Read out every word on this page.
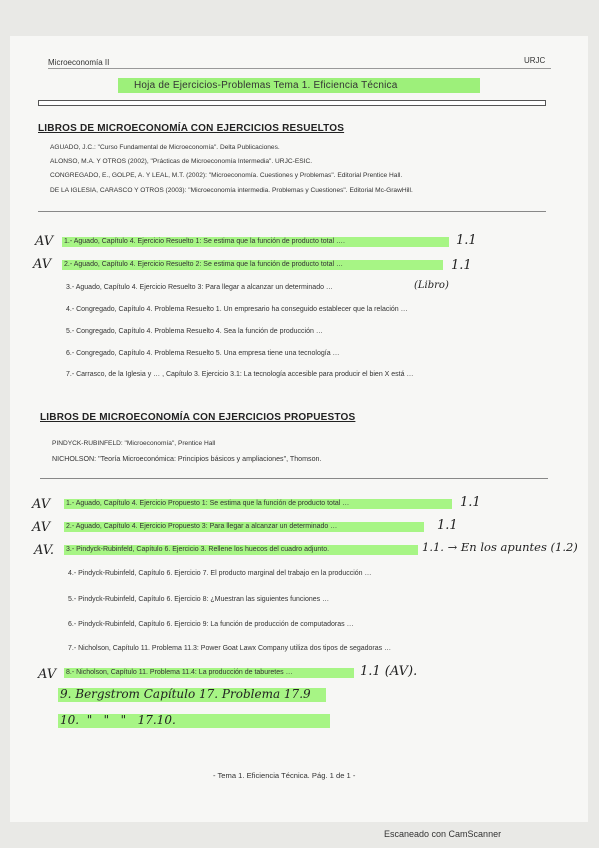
Microeconomía II	URJC
Hoja de Ejercicios-Problemas Tema 1. Eficiencia Técnica
LIBROS DE MICROECONOMÍA CON EJERCICIOS RESUELTOS
AGUADO, J.C.: "Curso Fundamental de Microeconomía". Delta Publicaciones.
ALONSO, M.A. Y OTROS (2002), "Prácticas de Microeconomía Intermedia". URJC-ESIC.
CONGREGADO, E., GOLPE, A. Y LEAL, M.T. (2002): "Microeconomía. Cuestiones y Problemas". Editorial Prentice Hall.
DE LA IGLESIA, CARASCO Y OTROS (2003): "Microeconomía intermedia. Problemas y Cuestiones". Editorial Mc-GrawHill.
AV 1.- Aguado, Capítulo 4. Ejercicio Resuelto 1: Se estima que la función de producto total ….	1.1
AV 2.- Aguado, Capítulo 4. Ejercicio Resuelto 2: Se estima que la función de producto total …	1.1
3.- Aguado, Capítulo 4. Ejercicio Resuelto 3: Para llegar a alcanzar un determinado …	(Libro)
4.- Congregado, Capítulo 4. Problema Resuelto 1. Un empresario ha conseguido establecer que la relación …
5.- Congregado, Capítulo 4. Problema Resuelto 4. Sea la función de producción …
6.- Congregado, Capítulo 4. Problema Resuelto 5. Una empresa tiene una tecnología …
7.- Carrasco, de la Iglesia y … , Capítulo 3. Ejercicio 3.1: La tecnología accesible para producir el bien X está …
LIBROS DE MICROECONOMÍA CON EJERCICIOS PROPUESTOS
PINDYCK-RUBINFELD: "Microeconomía", Prentice Hall
NICHOLSON: "Teoría Microeconómica: Principios básicos y ampliaciones", Thomson.
AV 1.- Aguado, Capítulo 4. Ejercicio Propuesto 1: Se estima que la función de producto total …	1.1
AV 2.- Aguado, Capítulo 4. Ejercicio Propuesto 3: Para llegar a alcanzar un determinado …	1.1
AV. 3.- Pindyck-Rubinfeld, Capítulo 6. Ejercicio 3. Rellene los huecos del cuadro adjunto.	1.1. → En los apuntes (1.2)
4.- Pindyck-Rubinfeld, Capítulo 6. Ejercicio 7. El producto marginal del trabajo en la producción …
5.- Pindyck-Rubinfeld, Capítulo 6. Ejercicio 8: ¿Muestran las siguientes funciones …
6.- Pindyck-Rubinfeld, Capítulo 6. Ejercicio 9: La función de producción de computadoras …
7.- Nicholson, Capítulo 11. Problema 11.3: Power Goat Lawx Company utiliza dos tipos de segadoras …
AV 8.- Nicholson, Capítulo 11. Problema 11.4: La producción de taburetes …	1.1 (AV).
9. Bergstrom Capítulo 17. Problema 17.9
10.  "   "   "   17.10.
- Tema 1. Eficiencia Técnica. Pág. 1 de 1 -
Escaneado con CamScanner
